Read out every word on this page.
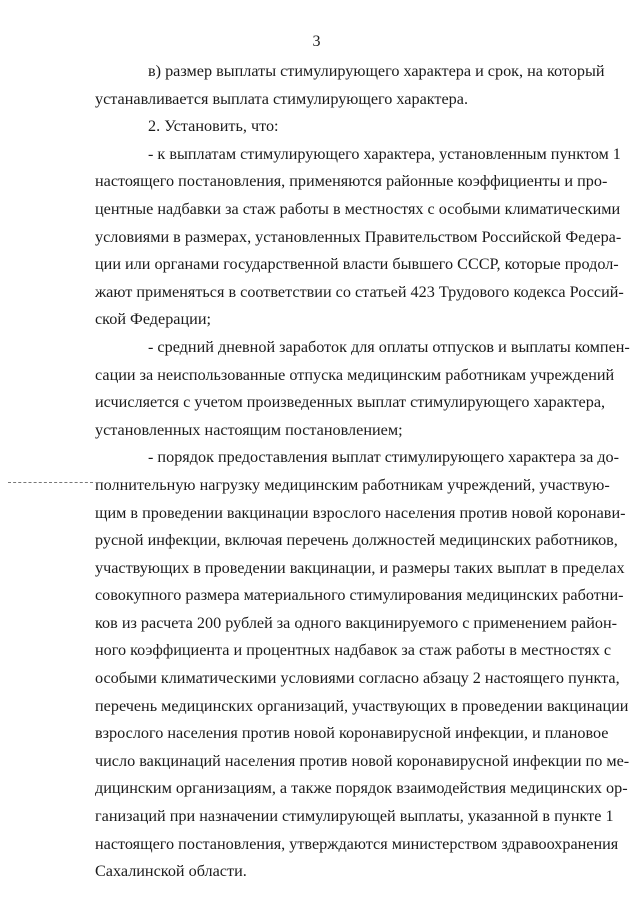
3
в) размер выплаты стимулирующего характера и срок, на который
устанавливается выплата стимулирующего характера.
2. Установить, что:
- к выплатам стимулирующего характера, установленным пунктом 1
настоящего постановления, применяются районные коэффициенты и про-
центные надбавки за стаж работы в местностях с особыми климатическими
условиями в размерах, установленных Правительством Российской Федера-
ции или органами государственной власти бывшего СССР, которые продол-
жают применяться в соответствии со статьей 423 Трудового кодекса Россий-
ской Федерации;
- средний дневной заработок для оплаты отпусков и выплаты компен-
сации за неиспользованные отпуска медицинским работникам учреждений
исчисляется с учетом произведенных выплат стимулирующего характера,
установленных настоящим постановлением;
- порядок предоставления выплат стимулирующего характера за до-
полнительную нагрузку медицинским работникам учреждений, участвую-
щим в проведении вакцинации взрослого населения против новой коронави-
русной инфекции, включая перечень должностей медицинских работников,
участвующих в проведении вакцинации, и размеры таких выплат в пределах
совокупного размера материального стимулирования медицинских работни-
ков из расчета 200 рублей за одного вакцинируемого с применением район-
ного коэффициента и процентных надбавок за стаж работы в местностях с
особыми климатическими условиями согласно абзацу 2 настоящего пункта,
перечень медицинских организаций, участвующих в проведении вакцинации
взрослого населения против новой коронавирусной инфекции, и плановое
число вакцинаций населения против новой коронавирусной инфекции по ме-
дицинским организациям, а также порядок взаимодействия медицинских ор-
ганизаций при назначении стимулирующей выплаты, указанной в пункте 1
настоящего постановления, утверждаются министерством здравоохранения
Сахалинской области.
